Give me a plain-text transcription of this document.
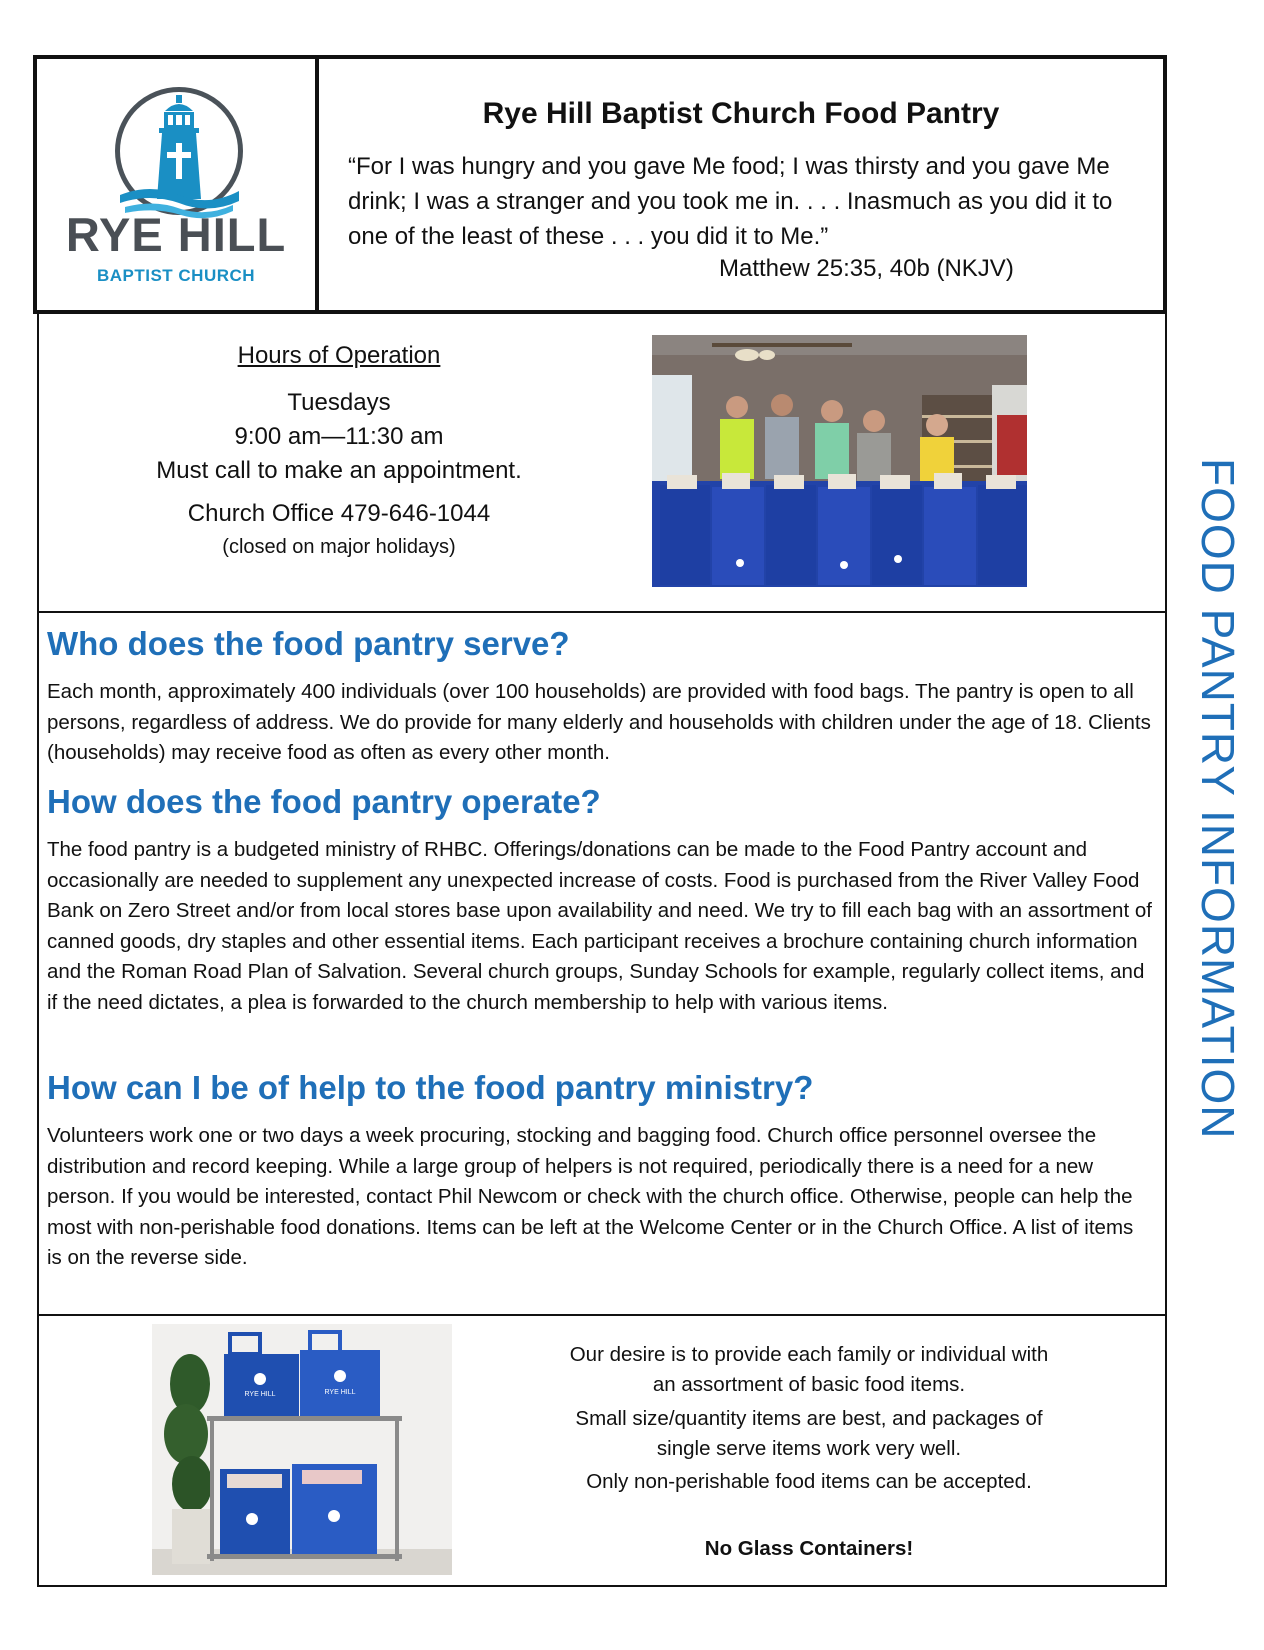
RYE HILL
BAPTIST CHURCH
Rye Hill Baptist Church Food Pantry

“For I was hungry and you gave Me food; I was thirsty and you gave Me drink; I was a stranger and you took me in. . . . Inasmuch as you did it to one of the least of these . . . you did it to Me.”

Matthew 25:35, 40b (NKJV)
Hours of Operation
Tuesdays
9:00 am—11:30 am
Must call to make an appointment.
Church Office 479-646-1044
(closed on major holidays)
Who does the food pantry serve?

Each month, approximately 400 individuals (over 100 households) are provided with food bags. The pantry is open to all persons, regardless of address. We do provide for many elderly and households with children under the age of 18. Clients (households) may receive food as often as every other month.

How does the food pantry operate?

The food pantry is a budgeted ministry of RHBC. Offerings/donations can be made to the Food Pantry account and occasionally are needed to supplement any unexpected increase of costs. Food is purchased from the River Valley Food Bank on Zero Street and/or from local stores base upon availability and need. We try to fill each bag with an assortment of canned goods, dry staples and other essential items. Each participant receives a brochure containing church information and the Roman Road Plan of Salvation. Several church groups, Sunday Schools for example, regularly collect items, and if the need dictates, a plea is forwarded to the church membership to help with various items.

How can I be of help to the food pantry ministry?

Volunteers work one or two days a week procuring, stocking and bagging food. Church office personnel oversee the distribution and record keeping. While a large group of helpers is not required, periodically there is a need for a new person. If you would be interested, contact Phil Newcom or check with the church office. Otherwise, people can help the most with non-perishable food donations. Items can be left at the Welcome Center or in the Church Office. A list of items is on the reverse side.

RYE HILL	RYE HILL

Our desire is to provide each family or individual with an assortment of basic food items.

Small size/quantity items are best, and packages of single serve items work very well.

Only non-perishable food items can be accepted.

No Glass Containers!
FOOD PANTRY INFORMATION
